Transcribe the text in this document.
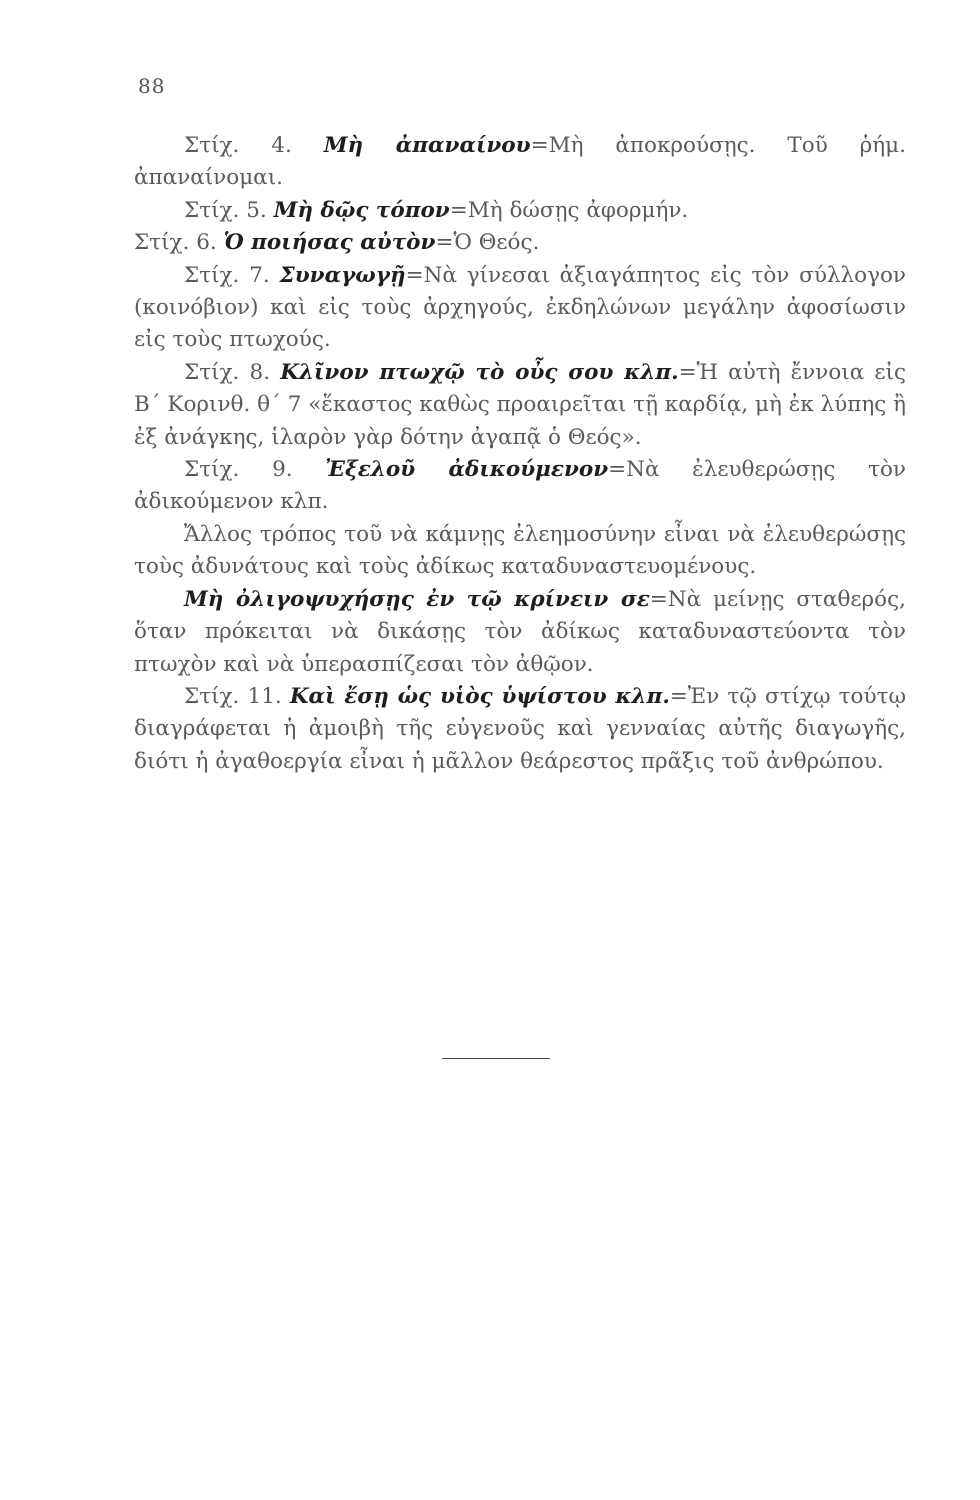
88

Στίχ. 4. Μὴ ἀπαναίνου=Μὴ ἀποκρούσῃς. Τοῦ ῥήμ. ἀπαναίνομαι.

Στίχ. 5. Μὴ δῷς τόπον=Μὴ δώσῃς ἀφορμήν.

Στίχ. 6. Ὁ ποιήσας αὐτὸν=Ὁ Θεός.

Στίχ. 7. Συναγωγῇ=Νὰ γίνεσαι ἀξιαγάπητος εἰς τὸν σύλλογον (κοινόβιον) καὶ εἰς τοὺς ἀρχηγούς, ἐκδηλώνων μεγάλην ἀφοσίωσιν εἰς τοὺς πτωχούς.

Στίχ. 8. Κλῖνον πτωχῷ τὸ οὖς σου κλπ.=Ἡ αὐτὴ ἔννοια εἰς Β΄ Κορινθ. θ΄ 7 «ἕκαστος καθὼς προαιρεῖται τῇ καρδίᾳ, μὴ ἐκ λύπης ἢ ἐξ ἀνάγκης, ἱλαρὸν γὰρ δότην ἀγαπᾷ ὁ Θεός».

Στίχ. 9. Ἐξελοῦ ἀδικούμενον=Νὰ ἐλευθερώσῃς τὸν ἀδικούμενον κλπ.

Ἄλλος τρόπος τοῦ νὰ κάμνῃς ἐλεημοσύνην εἶναι νὰ ἐλευθερώσῃς τοὺς ἀδυνάτους καὶ τοὺς ἀδίκως καταδυναστευομένους.

Μὴ ὀλιγοψυχήσῃς ἐν τῷ κρίνειν σε=Νὰ μείνῃς σταθερός, ὅταν πρόκειται νὰ δικάσῃς τὸν ἀδίκως καταδυναστεύοντα τὸν πτωχὸν καὶ νὰ ὑπερασπίζεσαι τὸν ἀθῷον.

Στίχ. 11. Καὶ ἔσῃ ὡς υἱὸς ὑψίστου κλπ.=Ἐν τῷ στίχῳ τούτῳ διαγράφεται ἡ ἀμοιβὴ τῆς εὐγενοῦς καὶ γενναίας αὐτῆς διαγωγῆς, διότι ἡ ἀγαθοεργία εἶναι ἡ μᾶλλον θεάρεστος πρᾶξις τοῦ ἀνθρώπου.
